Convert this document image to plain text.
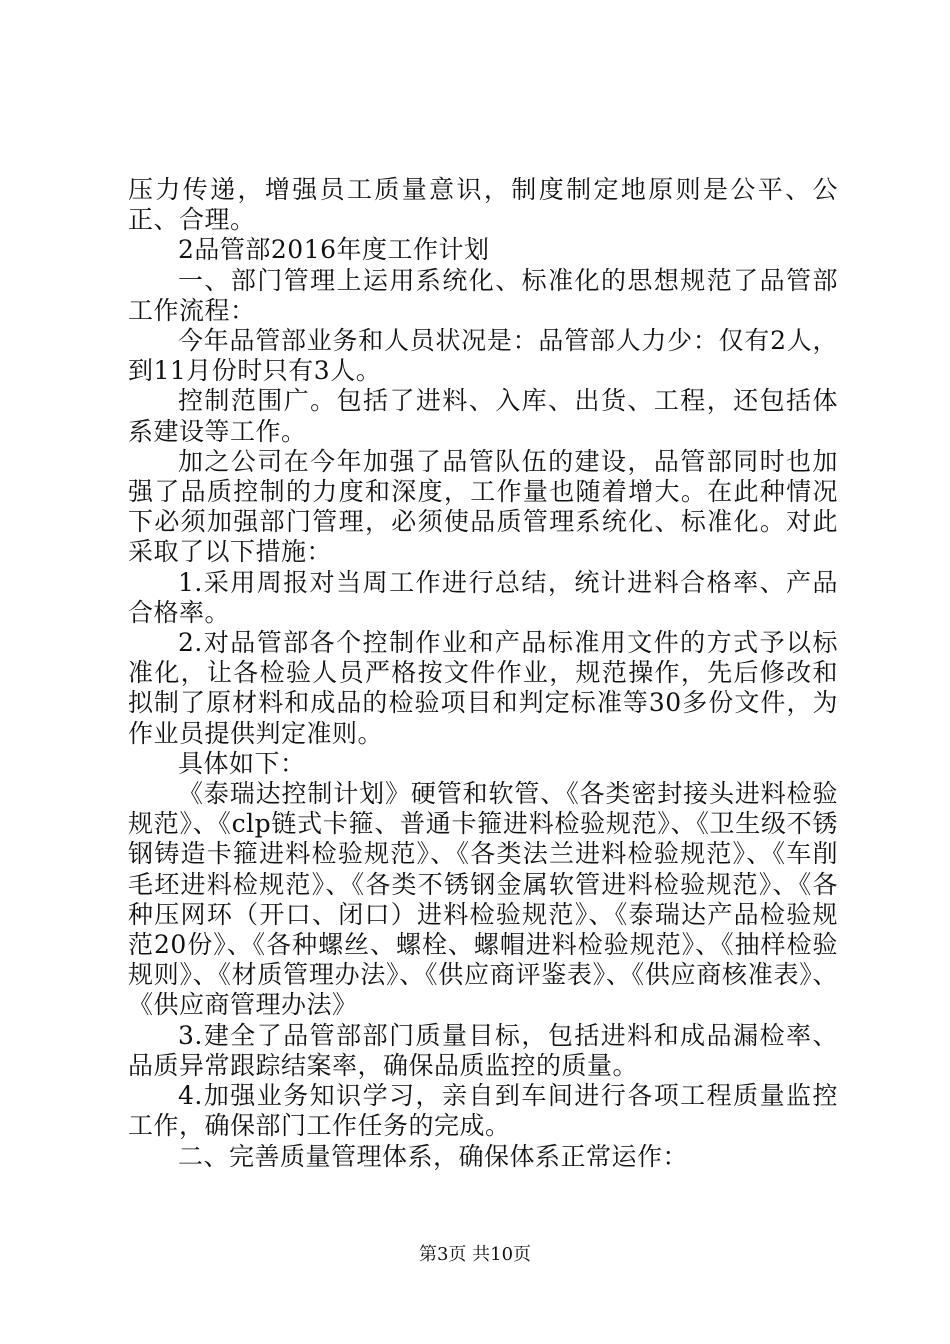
压力传递，增强员工质量意识，制度制定地原则是公平、公正、合理。

2品管部2016年度工作计划

一、部门管理上运用系统化、标准化的思想规范了品管部工作流程：

今年品管部业务和人员状况是：品管部人力少：仅有2人，到11月份时只有3人。

控制范围广。包括了进料、入库、出货、工程，还包括体系建设等工作。

加之公司在今年加强了品管队伍的建设，品管部同时也加强了品质控制的力度和深度，工作量也随着增大。在此种情况下必须加强部门管理，必须使品质管理系统化、标准化。对此采取了以下措施：

1.采用周报对当周工作进行总结，统计进料合格率、产品合格率。

2.对品管部各个控制作业和产品标准用文件的方式予以标准化，让各检验人员严格按文件作业，规范操作，先后修改和拟制了原材料和成品的检验项目和判定标准等30多份文件，为作业员提供判定准则。

具体如下：

《泰瑞达控制计划》硬管和软管、《各类密封接头进料检验规范》、《clp链式卡箍、普通卡箍进料检验规范》、《卫生级不锈钢铸造卡箍进料检验规范》、《各类法兰进料检验规范》、《车削毛坯进料检规范》、《各类不锈钢金属软管进料检验规范》、《各种压网环（开口、闭口）进料检验规范》、《泰瑞达产品检验规范20份》、《各种螺丝、螺栓、螺帽进料检验规范》、《抽样检验规则》、《材质管理办法》、《供应商评鉴表》、《供应商核准表》、《供应商管理办法》

3.建全了品管部部门质量目标，包括进料和成品漏检率、品质异常跟踪结案率，确保品质监控的质量。

4.加强业务知识学习，亲自到车间进行各项工程质量监控工作，确保部门工作任务的完成。

二、完善质量管理体系，确保体系正常运作：

第3页 共10页
